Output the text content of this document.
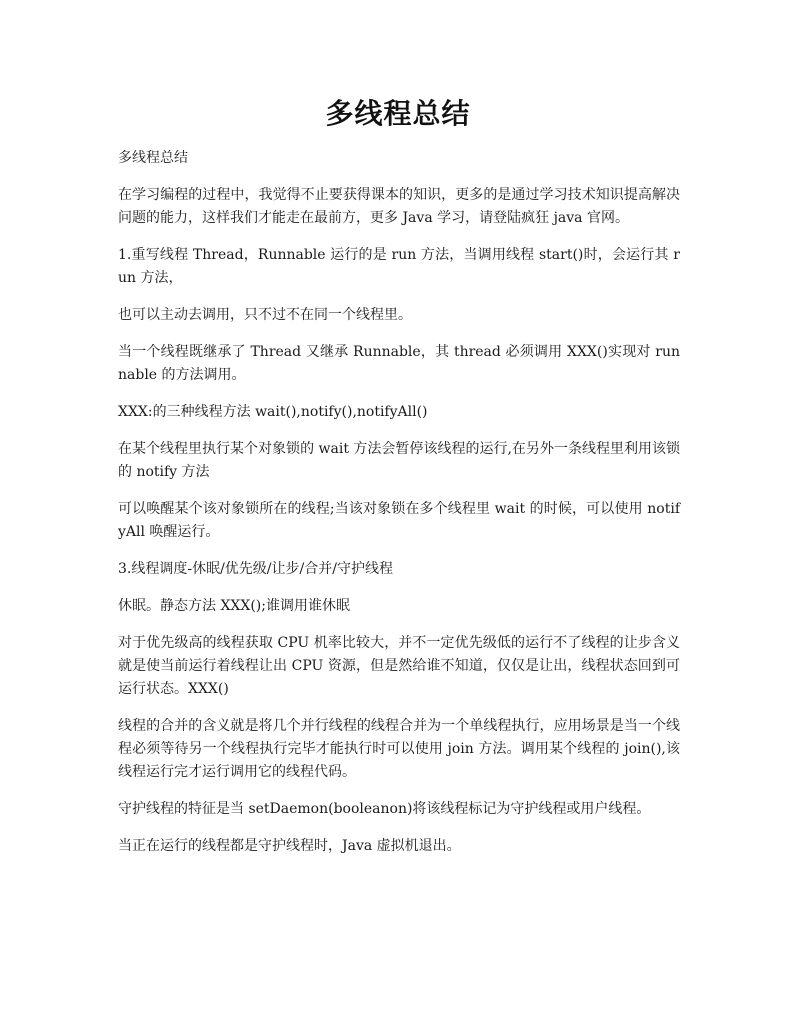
多线程总结

多线程总结

在学习编程的过程中，我觉得不止要获得课本的知识，更多的是通过学习技术知识提高解决问题的能力，这样我们才能走在最前方，更多 Java 学习，请登陆疯狂 java 官网。

1.重写线程 Thread，Runnable 运行的是 run 方法，当调用线程 start()时，会运行其 run 方法，

也可以主动去调用，只不过不在同一个线程里。

当一个线程既继承了 Thread 又继承 Runnable，其 thread 必须调用 XXX()实现对 runnable 的方法调用。

XXX:的三种线程方法 wait(),notify(),notifyAll()

在某个线程里执行某个对象锁的 wait 方法会暂停该线程的运行,在另外一条线程里利用该锁的 notify 方法

可以唤醒某个该对象锁所在的线程;当该对象锁在多个线程里 wait 的时候，可以使用 notifyAll 唤醒运行。

3.线程调度-休眠/优先级/让步/合并/守护线程

休眠。静态方法 XXX();谁调用谁休眠

对于优先级高的线程获取 CPU 机率比较大，并不一定优先级低的运行不了线程的让步含义就是使当前运行着线程让出 CPU 资源，但是然给谁不知道，仅仅是让出，线程状态回到可运行状态。XXX()

线程的合并的含义就是将几个并行线程的线程合并为一个单线程执行，应用场景是当一个线程必须等待另一个线程执行完毕才能执行时可以使用 join 方法。调用某个线程的 join(),该线程运行完才运行调用它的线程代码。

守护线程的特征是当 setDaemon(booleanon)将该线程标记为守护线程或用户线程。

当正在运行的线程都是守护线程时，Java 虚拟机退出。
